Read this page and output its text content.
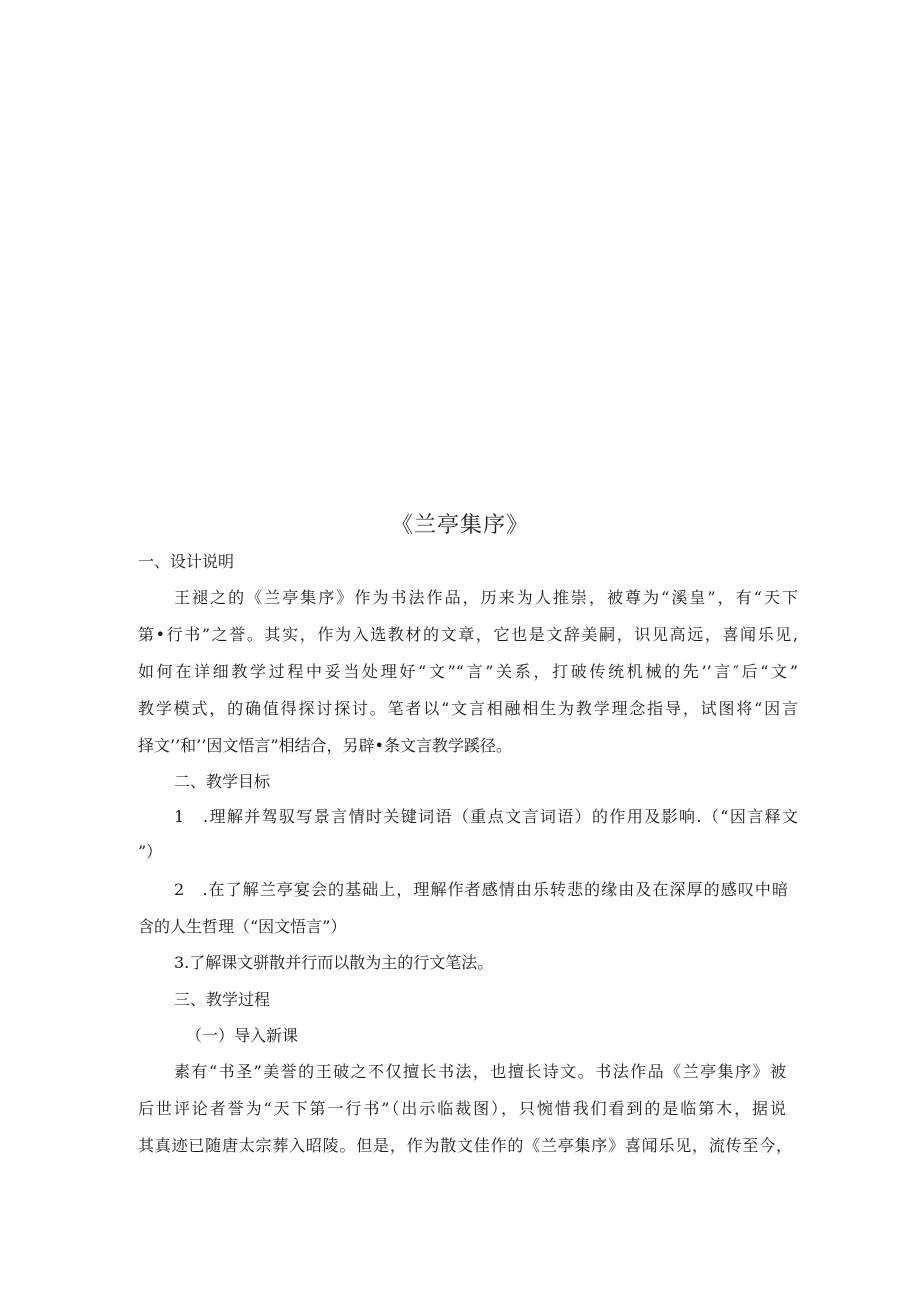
《兰亭集序》
一、设计说明
王褪之的《兰亭集序》作为书法作品，历来为人推崇，被尊为“溪皇”，有“天下
第•行书”之誉。其实，作为入选教材的文章，它也是文辞美嗣，识见高远，喜闻乐见,
如何在详细教学过程中妥当处理好“文”“言”关系，打破传统机械的先’’言″后“文”
教学模式，的确值得探讨探讨。笔者以“文言相融相生为教学理念指导，试图将“因言
择文’’和’’因文悟言”相结合，另辟•条文言教学蹊径。
二、教学目标
1　.理解并驾驭写景言情时关键词语（重点文言词语）的作用及影响.（“因言释文
”）
2　.在了解兰亭宴会的基础上，理解作者感情由乐转悲的缘由及在深厚的感叹中暗
含的人生哲理（“因文悟言”）
3.了解课文骈散并行而以散为主的行文笔法。
三、教学过程
（一）导入新课
素有“书圣”美誉的王破之不仅擅长书法，也擅长诗文。书法作品《兰亭集序》被
后世评论者誉为“天下第一行书”（出示临裁图），只惋惜我们看到的是临第木，据说
其真迹已随唐太宗葬入昭陵。但是，作为散文佳作的《兰亭集序》喜闻乐见，流传至今，
